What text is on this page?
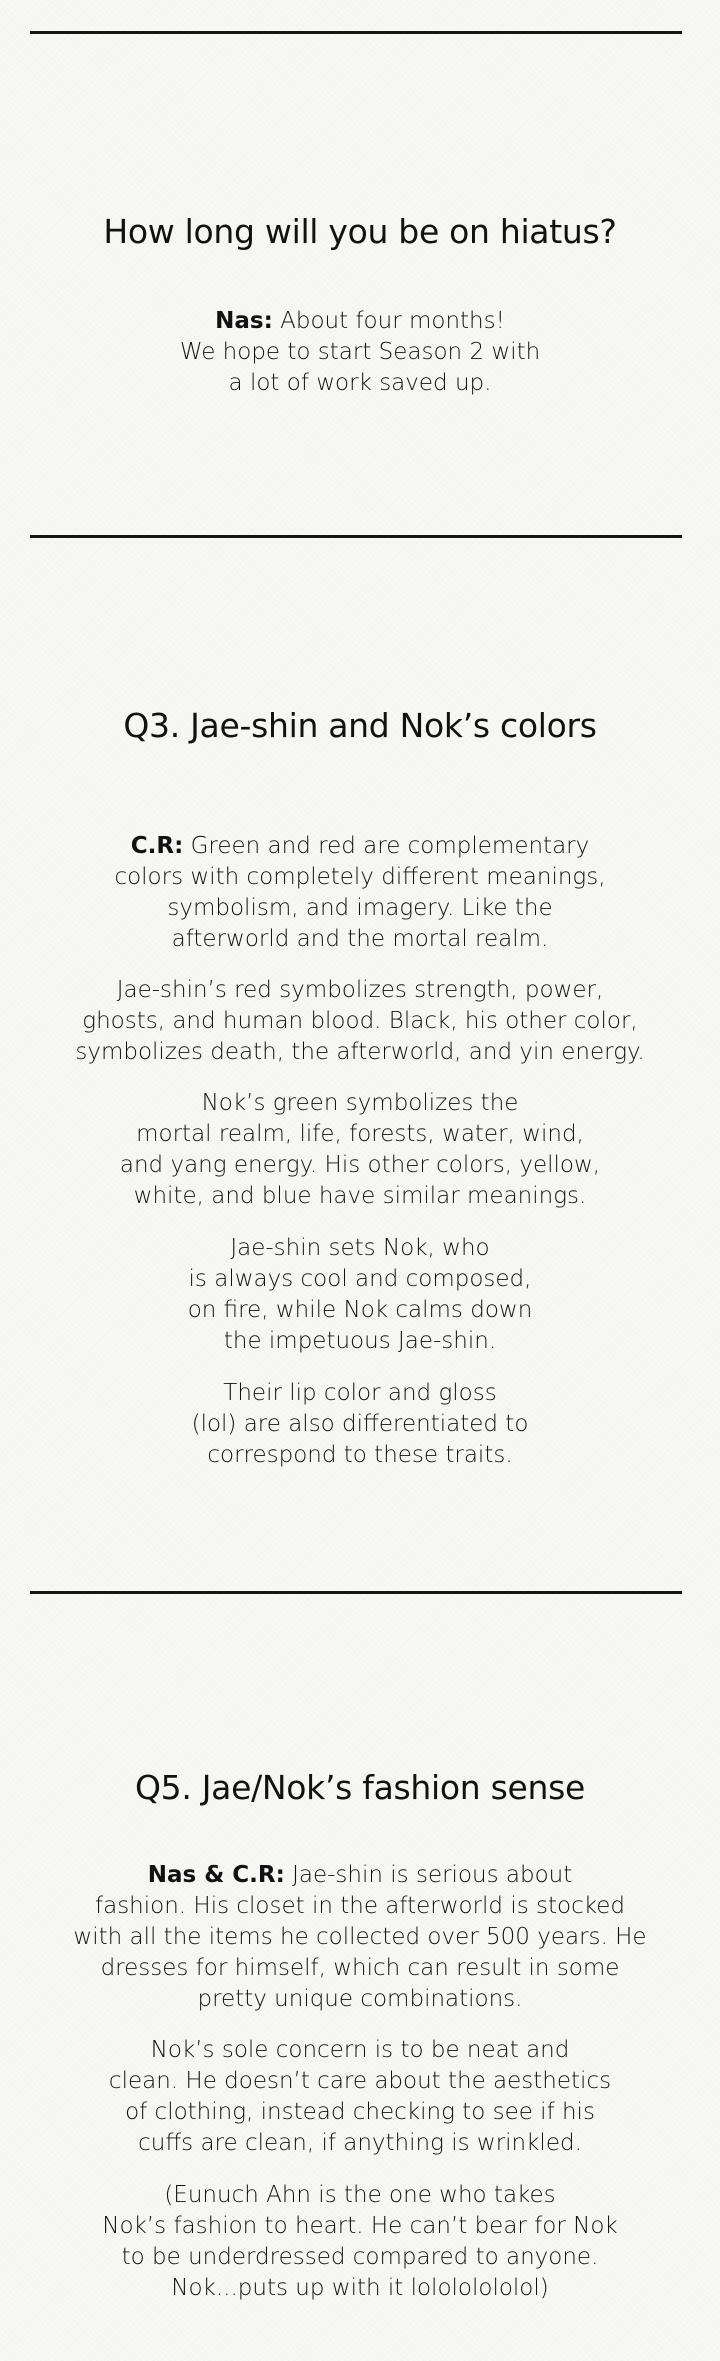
How long will you be on hiatus?

Nas: About four months!
We hope to start Season 2 with
a lot of work saved up.

Q3. Jae-shin and Nok’s colors

C.R: Green and red are complementary
colors with completely different meanings,
symbolism, and imagery. Like the
afterworld and the mortal realm.

Jae-shin’s red symbolizes strength, power,
ghosts, and human blood. Black, his other color,
symbolizes death, the afterworld, and yin energy.

Nok’s green symbolizes the
mortal realm, life, forests, water, wind,
and yang energy. His other colors, yellow,
white, and blue have similar meanings.

Jae-shin sets Nok, who
is always cool and composed,
on fire, while Nok calms down
the impetuous Jae-shin.

Their lip color and gloss
(lol) are also differentiated to
correspond to these traits.

Q5. Jae/Nok’s fashion sense

Nas & C.R: Jae-shin is serious about
fashion. His closet in the afterworld is stocked
with all the items he collected over 500 years. He
dresses for himself, which can result in some
pretty unique combinations.

Nok’s sole concern is to be neat and
clean. He doesn’t care about the aesthetics
of clothing, instead checking to see if his
cuffs are clean, if anything is wrinkled.

(Eunuch Ahn is the one who takes
Nok’s fashion to heart. He can’t bear for Nok
to be underdressed compared to anyone.
Nok...puts up with it lolololololol)
